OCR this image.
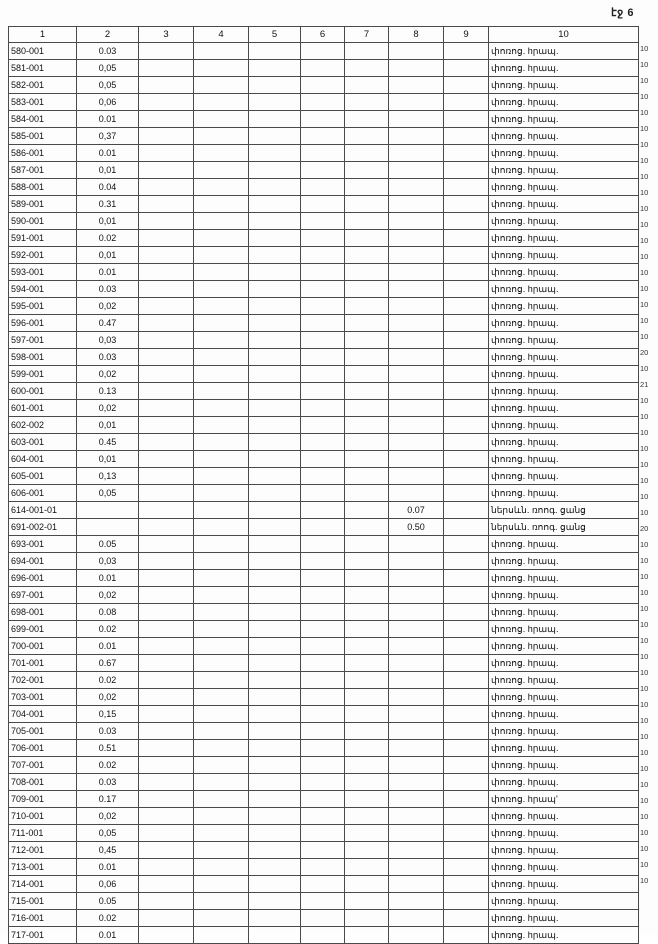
էջ 6
1	2	3	4	5	6	7	8	9	10
580-001	0.03								փոռոց. hրապ.
581-001	0,05								փոռոց. hրապ.
582-001	0,05								փոռոց. hրապ.
583-001	0,06								փոռոց. hրապ.
584-001	0.01								փոռոց. hրապ.
585-001	0,37								փոռոց. hրապ.
586-001	0.01								փոռոց. hրապ.
587-001	0,01								փոռոց. hրապ.
588-001	0.04								փոռոց. hրապ.
589-001	0.31								փոռոց. hրապ.
590-001	0,01								փոռոց. hրապ.
591-001	0.02								փոռոց. hրապ.
592-001	0,01								փոռոց. hրապ.
593-001	0.01								փոռոց. hրապ.
594-001	0.03								փոռոց. hրապ.
595-001	0,02								փոռոց. hրապ.
596-001	0.47								փոռոց. hրապ.
597-001	0,03								փոռոց. hրապ.
598-001	0.03								փոռոց. hրապ.
599-001	0,02								փոռոց. hրապ.
600-001	0.13								փոռոց. hրապ.
601-001	0,02								փոռոց. hրապ.
602-002	0,01								փոռոց. hրապ.
603-001	0.45								փոռոց. hրապ.
604-001	0,01								փոռոց. hրապ.
605-001	0,13								փոռոց. hրապ.
606-001	0,05								փոռոց. hրապ.
614-001-01							0.07		ներսևն. ռոոգ. ցանց
691-002-01							0.50		ներսևն. ռոոգ. ցանց
693-001	0.05								փոռոց. hրապ.
694-001	0,03								փոռոց. hրապ.
696-001	0.01								փոռոց. hրապ.
697-001	0,02								փոռոց. hրապ.
698-001	0.08								փոռոց. hրապ.
699-001	0.02								փոռոց. hրապ.
700-001	0.01								փոռոց. hրապ.
701-001	0.67								փոռոց. hրապ.
702-001	0.02								փոռոց. hրապ.
703-001	0,02								փոռոց. hրապ.
704-001	0,15								փոռոց. hրապ.
705-001	0.03								փոռոց. hրապ.
706-001	0.51								փոռոց. hրապ.
707-001	0.02								փոռոց. hրապ.
708-001	0.03								փոռոց. hրապ.
709-001	0.17								փոռոց. hրապ'
710-001	0,02								փոռոց. hրապ.
711-001	0,05								փոռոց. hրապ.
712-001	0,45								փոռոց. hրապ.
713-001	0.01								փոռոց. hրապ.
714-001	0,06								փոռոց. hրապ.
715-001	0.05								փոռոց. hրապ.
716-001	0.02								փոռոց. hրապ.
717-001	0.01								փոռոց. hրապ.
10
10
10
10
10
10
10
10
10
10
10
10
10
10
10
10
10
10
10
20
10
21
10
10
10
10
10
10
10
10
20
10
10
10
10
10
10
10
10
10
10
10
10
10
10
10
10
10
10
10
10
10
10
